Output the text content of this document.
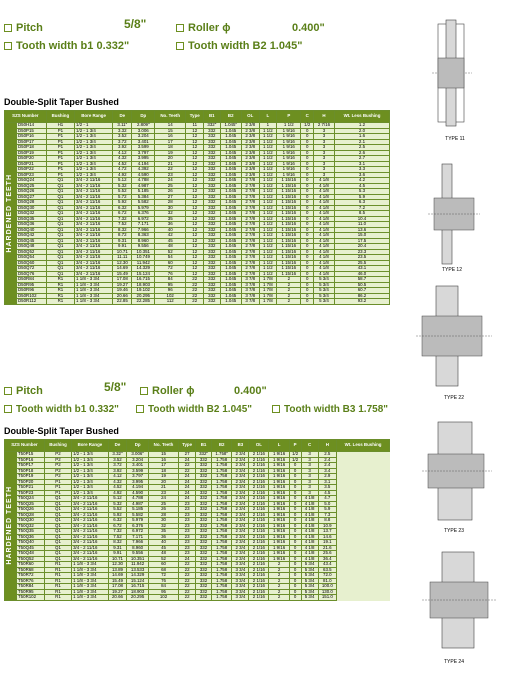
Pitch	5/8"	Roller ϕ	0.400"
Tooth width b1 0.332"	Tooth width B2 1.045"
Double-Split Taper Bushed
SZS Number		Bushing	Bore Range	De	Dp	No. Teeth	Type	B1	B2	OL	L	P	C	H	Wt. Less Bushing

HARDENED TEETH	D50H14	H1	1/2 - 1	3.11"	2.809"	14	11	332"	1.045"	2 3/8	1	1 1/2	1/2	2 7/16	1.2
	D50P15	P1	1/2 - 1 3/4	3.32	3.006	15	12	332	1.045	2 3/8	1 1/2	1 9/16	0	3	2.0
	D50P16	P1	1/2 - 1 3/4	3.52	3.204	16	12	332	1.045	2 3/8	1 1/2	1 9/16	0	3	1.6
	D50P17	P1	1/2 - 1 3/4	3.72	3.401	17	12	332	1.045	2 3/8	1 1/2	1 9/16	0	3	2.1
	D50P18	P1	1/2 - 1 3/4	3.92	3.599	18	12	332	1.045	2 3/8	1 1/2	1 9/16	0	3	2.5
	D50P19	P1	1/2 - 1 3/4	4.12	3.797	19	12	332	1.045	2 3/8	1 1/2	1 9/16	0	3	2.6
	D50P20	P1	1/2 - 1 3/4	4.32	3.995	20	12	332	1.045	2 3/8	1 1/2	1 9/16	0	3	2.7
	D50P21	P1	1/2 - 1 3/4	4.52	4.194	21	12	332	1.045	2 3/8	1 1/2	1 9/16	0	3	3.1
	D50P22	P1	1/2 - 1 3/4	4.72	4.392	22	12	332	1.045	2 3/8	1 1/2	1 9/16	0	3	3.3
	D50P23	P1	1/2 - 1 3/4	4.92	4.590	23	12	332	1.045	2 3/8	1 1/2	1 9/16	0	3	3.6
	D50Q24	Q1	3/4 - 2 11/16	5.12	4.788	24	12	332	1.045	2 7/8	1 1/2	1 15/16	0	4 1/8	4.2
	D50Q25	Q1	3/4 - 2 11/16	5.32	4.987	25	12	332	1.045	2 7/8	1 1/2	1 15/16	0	4 1/8	4.5
	D50Q26	Q1	3/4 - 2 11/16	5.52	5.185	26	12	332	1.045	2 7/8	1 1/2	1 15/16	0	4 1/8	5.3
	D50Q27	Q1	3/4 - 2 11/16	5.72	5.384	27	12	332	1.045	2 7/8	1 1/2	1 15/16	0	4 1/8	5.9
	D50Q28	Q1	3/4 - 2 11/16	5.92	5.582	28	12	332	1.045	2 7/8	1 1/2	1 15/16	0	4 1/8	6.3
	D50Q30	Q1	3/4 - 2 11/16	6.32	5.979	30	12	332	1.045	2 7/8	1 1/2	1 15/16	0	4 1/8	7.2
	D50Q32	Q1	3/4 - 2 11/16	6.72	6.376	32	12	332	1.045	2 7/8	1 1/2	1 15/16	0	4 1/8	8.5
	D50Q35	Q1	3/4 - 2 11/16	7.32	6.972	35	12	332	1.045	2 7/8	1 1/2	1 15/16	0	4 1/8	10.4
	D50Q36	Q1	3/4 - 2 11/16	7.52	7.171	36	12	332	1.045	2 7/8	1 1/2	1 15/16	0	4 1/8	11.0
	D50Q40	Q1	3/4 - 2 11/16	8.32	7.966	40	12	332	1.045	2 7/8	1 1/2	1 15/16	0	4 1/8	13.6
	D50Q42	Q1	3/4 - 2 11/16	8.72	8.363	42	12	332	1.045	2 7/8	1 1/2	1 15/16	0	4 1/8	15.0
	D50Q45	Q1	3/4 - 2 11/16	9.31	8.960	45	12	332	1.045	2 7/8	1 1/2	1 15/16	0	4 1/8	17.5
	D50Q48	Q1	3/4 - 2 11/16	9.91	9.556	48	12	332	1.045	2 7/8	1 1/2	1 15/16	0	4 1/8	20.4
	D50Q52	Q1	3/4 - 2 11/16	10.71	10.351	52	12	332	1.045	2 7/8	1 1/2	1 15/16	0	4 1/8	23.3
	D50Q54	Q1	3/4 - 2 11/16	11.11	10.749	54	12	332	1.045	2 7/8	1 1/2	1 15/16	0	4 1/8	23.5
	D50Q60	Q1	3/4 - 2 11/16	12.30	11.942	60	12	332	1.045	2 7/8	1 1/2	1 15/16	0	4 1/8	25.5
	D50Q72	Q1	3/4 - 2 11/16	14.69	14.329	72	12	332	1.045	2 7/8	1 1/2	1 15/16	0	4 1/8	43.1
	D50Q76	Q1	3/4 - 2 11/16	15.49	15.124	76	12	332	1.045	2 7/8	1 1/2	1 15/16	0	4 1/8	46.0
	D50R84	R1	1 1/8 - 3 3/4	17.08	16.715	84	22	332	1.045	3 7/8	1 7/8	2	0	5 3/4	58.7
	D50R95	R1	1 1/8 - 3 3/4	19.27	18.903	95	22	332	1.045	3 7/8	1 7/8	2	0	5 3/4	50.5
	D50R96	R1	1 1/8 - 3 3/4	19.46	19.102	96	22	332	1.045	3 7/8	1 7/8	2	0	5 3/4	60.7
	D50R102	R1	1 1/8 - 3 3/4	20.66	20.295	102	22	332	1.045	3 7/8	1 7/8	2	0	5 3/4	86.2
	D50R112	R1	1 1/8 - 3 3/4	22.85	22.285	112	22	332	1.045	3 7/8	1 7/8	2	0	5 3/4	93.2
Pitch	5/8"	Roller ϕ	0.400"
Tooth width b1 0.332"	Tooth width B2 1.045"	Tooth width B3 1.758"
Double-Split Taper Bushed
SZS Number		Bushing	Bore Range	De	Dp	No. Teeth	Type	B1	B2	B3	OL	L	P	C	H	Wt. Less Bushing

HARDENED TEETH	T50P15	P2	1/2 - 1 3/4	3.32"	3.006"	15	27	332"	1.758"	2 3/4	2 1/16	1 9/16	1/2	3	2.5	
	T50P16	P2	1/2 - 1 3/4	3.52	3.204	16	24	332	1.758	2 3/4	2 1/16	1 9/16	1/2	3	2.4	
	T50P17	P2	1/2 - 1 3/4	3.72	3.401	17	22	332	1.758	2 3/4	2 1/16	1 9/16	0	3	2.4	
	T50P18	P2	1/2 - 1 3/4	3.92	3.599	18	22	332	1.758	2 3/4	2 1/16	1 9/16	0	3	3.4	
	T50P19	P2	1/2 - 1 3/4	4.12	3.797	19	24	332	1.758	2 3/4	2 1/16	1 9/16	0	3	2.9	
	T50P20	P1	1/2 - 1 3/4	4.32	3.995	20	24	332	1.758	2 3/4	2 1/16	1 9/16	0	3	3.1	
	T50P21	P1	1/2 - 1 3/4	4.52	4.194	21	24	332	1.758	2 3/4	2 1/16	1 9/16	0	3	3.5	
	T50P23	P1	1/2 - 1 3/4	4.92	4.590	23	24	332	1.758	2 3/4	2 1/16	1 9/16	0	3	4.5	
	T50Q24	Q1	3/4 - 2 11/16	5.12	4.788	24	24	332	1.758	2 3/4	2 1/16	1 9/16	0	4 1/8	4.7	
	T50Q25	Q1	3/4 - 2 11/16	5.32	4.987	25	23	332	1.758	2 3/4	2 1/16	1 9/16	0	4 1/8	5.0	
	T50Q26	Q1	3/4 - 2 11/16	5.52	5.185	26	23	332	1.758	2 3/4	2 1/16	1 9/16	0	4 1/8	5.9	
	T50Q28	Q1	3/4 - 2 11/16	5.92	5.582	28	23	332	1.758	2 3/4	2 1/16	1 9/16	0	4 1/8	7.3	
	T50Q30	Q1	3/4 - 2 11/16	6.32	5.979	30	23	332	1.758	2 3/4	2 1/16	1 9/16	0	4 1/8	8.8	
	T50Q32	Q1	3/4 - 2 11/16	6.72	6.376	32	23	332	1.758	2 3/4	2 1/16	1 9/16	0	4 1/8	10.9	
	T50Q35	Q1	3/4 - 2 11/16	7.32	6.972	35	23	332	1.758	2 3/4	2 1/16	1 9/16	0	4 1/8	13.7	
	T50Q36	Q1	3/4 - 2 11/16	7.52	7.171	36	23	332	1.758	2 3/4	2 1/16	1 9/16	0	4 1/8	14.6	
	T50Q40	Q1	3/4 - 2 11/16	8.32	7.966	40	23	332	1.758	2 3/4	2 1/16	1 9/16	0	4 1/8	19.1	
	T50Q45	Q1	3/4 - 2 11/16	9.31	8.960	45	23	332	1.758	2 3/4	2 1/16	1 9/16	0	4 1/8	21.6	
	T50Q48	Q1	3/4 - 2 11/16	9.91	9.556	48	23	332	1.758	2 3/4	2 1/16	1 9/16	0	4 1/8	25.6	
	T50Q52	Q1	3/4 - 2 11/16	10.71	10.351	52	24	332	1.758	2 3/4	2 1/16	1 9/16	0	4 1/8	36.4	
	T50R60	R1	1 1/8 - 3 3/4	12.30	11.942	60	22	332	1.758	3 3/4	2 1/16	2	0	5 3/4	43.4	
	T50R68	R1	1 1/8 - 3 3/4	13.89	13.533	68	22	332	1.758	3 3/4	2 1/16	2	0	5 3/4	63.5	
	T50R72	R1	1 1/8 - 3 3/4	14.69	14.329	72	22	332	1.758	3 3/4	2 1/16	2	0	5 3/4	72.0	
	T50R76	R1	1 1/8 - 3 3/4	15.49	15.124	76	22	332	1.758	3 3/4	2 1/16	2	0	5 3/4	81.0	
	T50R84	R1	1 1/8 - 3 3/4	17.08	16.715	84	22	332	1.758	3 3/4	2 1/16	2	0	5 3/4	100.0	
	T50R95	R1	1 1/8 - 3 3/4	19.27	18.903	95	22	332	1.758	3 3/4	2 1/16	2	0	5 3/4	130.0	
	T50R102	R1	1 1/8 - 3 3/4	20.66	20.295	102	22	332	1.758	3 3/4	2 1/16	2	0	5 3/4	151.0	
TYPE 11
TYPE 12
TYPE 22
TYPE 23
TYPE 24
